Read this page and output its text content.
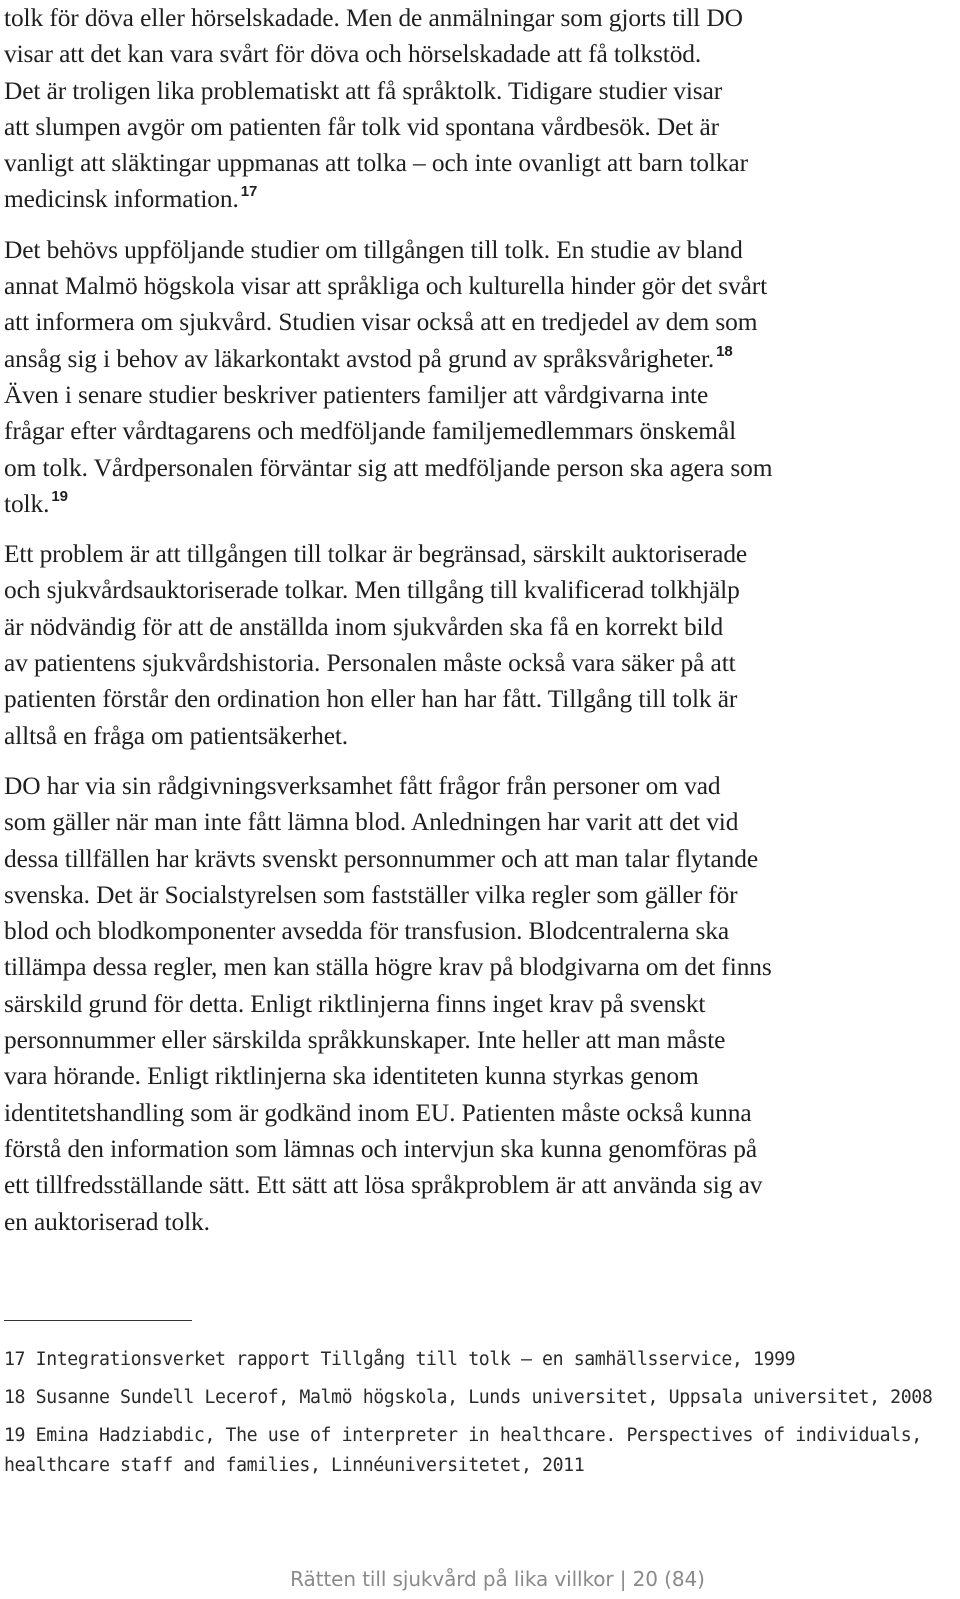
tolk för döva eller hörselskadade. Men de anmälningar som gjorts till DO
visar att det kan vara svårt för döva och hörselskadade att få tolkstöd.
Det är troligen lika problematiskt att få språktolk. Tidigare studier visar
att slumpen avgör om patienten får tolk vid spontana vårdbesök. Det är
vanligt att släktingar uppmanas att tolka – och inte ovanligt att barn tolkar
medicinsk information. $^{17}$

Det behövs uppföljande studier om tillgången till tolk. En studie av bland
annat Malmö högskola visar att språkliga och kulturella hinder gör det svårt
att informera om sjukvård. Studien visar också att en tredjedel av dem som
ansåg sig i behov av läkarkontakt avstod på grund av språksvårigheter. $^{18}$
Även i senare studier beskriver patienters familjer att vårdgivarna inte
frågar efter vårdtagarens och medföljande familjemedlemmars önskemål
om tolk. Vårdpersonalen förväntar sig att medföljande person ska agera som
tolk. $^{19}$

Ett problem är att tillgången till tolkar är begränsad, särskilt auktoriserade
och sjukvårdsauktoriserade tolkar. Men tillgång till kvalificerad tolkhjälp
är nödvändig för att de anställda inom sjukvården ska få en korrekt bild
av patientens sjukvårdshistoria. Personalen måste också vara säker på att
patienten förstår den ordination hon eller han har fått. Tillgång till tolk är
alltså en fråga om patientsäkerhet.

DO har via sin rådgivningsverksamhet fått frågor från personer om vad
som gäller när man inte fått lämna blod. Anledningen har varit att det vid
dessa tillfällen har krävts svenskt personnummer och att man talar flytande
svenska. Det är Socialstyrelsen som fastställer vilka regler som gäller för
blod och blodkomponenter avsedda för transfusion. Blodcentralerna ska
tillämpa dessa regler, men kan ställa högre krav på blodgivarna om det finns
särskild grund för detta. Enligt riktlinjerna finns inget krav på svenskt
personnummer eller särskilda språkkunskaper. Inte heller att man måste
vara hörande. Enligt riktlinjerna ska identiteten kunna styrkas genom
identitetshandling som är godkänd inom EU. Patienten måste också kunna
förstå den information som lämnas och intervjun ska kunna genomföras på
ett tillfredsställande sätt. Ett sätt att lösa språkproblem är att använda sig av
en auktoriserad tolk.

17 Integrationsverket rapport Tillgång till tolk – en samhällsservice, 1999
18 Susanne Sundell Lecerof, Malmö högskola, Lunds universitet, Uppsala universitet, 2008
19 Emina Hadziabdic, The use of interpreter in healthcare. Perspectives of individuals,
healthcare staff and families, Linnéuniversitetet, 2011
Rätten till sjukvård på lika villkor | 20 (84)
